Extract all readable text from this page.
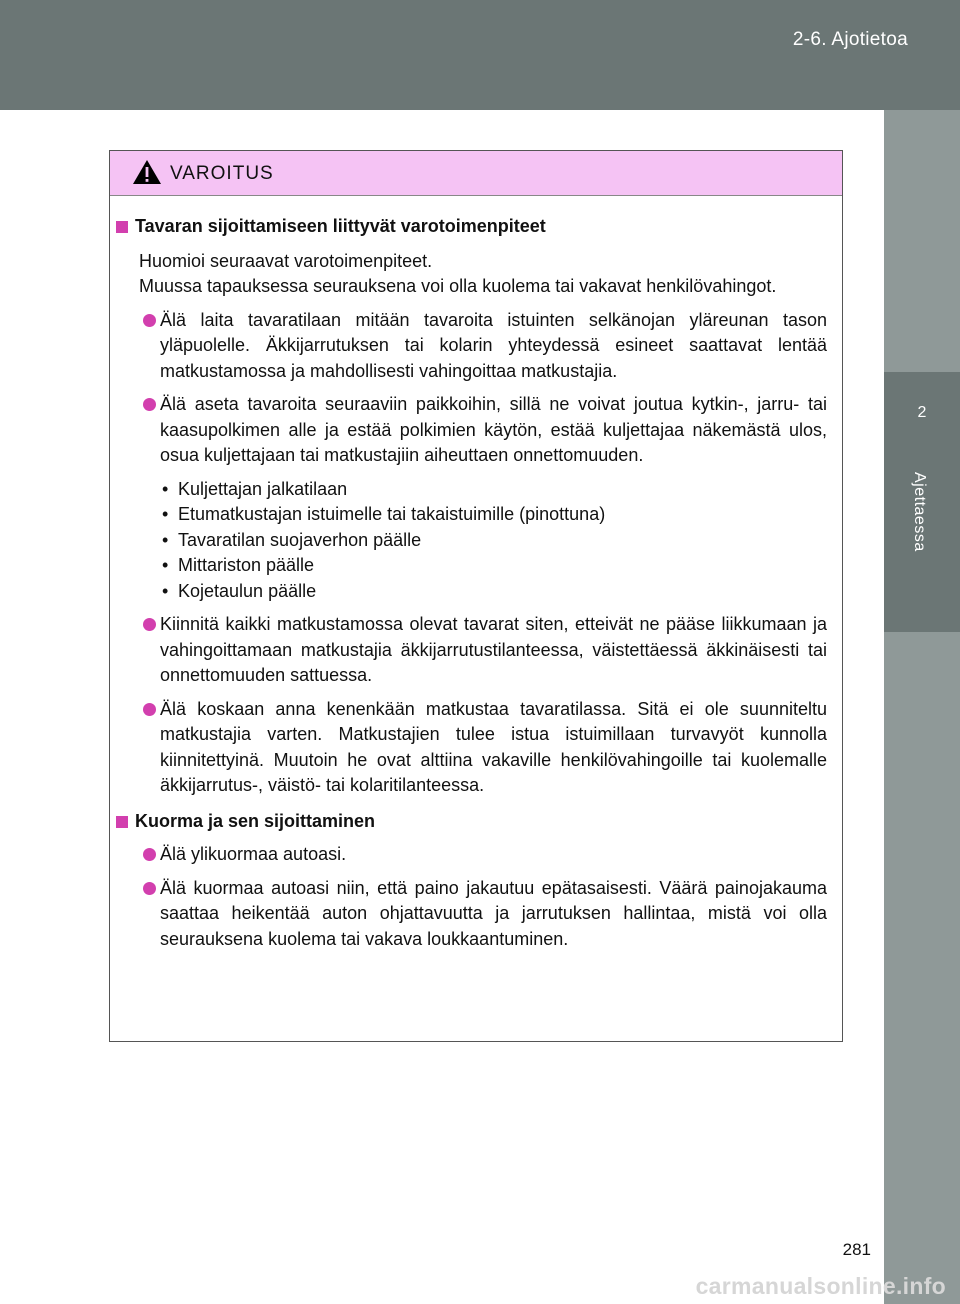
2-6. Ajotietoa
2
Ajettaessa
VAROITUS
Tavaran sijoittamiseen liittyvät varotoimenpiteet
Huomioi seuraavat varotoimenpiteet.
Muussa tapauksessa seurauksena voi olla kuolema tai vakavat henkilövahingot.
Älä laita tavaratilaan mitään tavaroita istuinten selkänojan yläreunan tason yläpuolelle. Äkkijarrutuksen tai kolarin yhteydessä esineet saattavat lentää matkustamossa ja mahdollisesti vahingoittaa matkustajia.
Älä aseta tavaroita seuraaviin paikkoihin, sillä ne voivat joutua kytkin-, jarru- tai kaasupolkimen alle ja estää polkimien käytön, estää kuljettajaa näkemästä ulos, osua kuljettajaan tai matkustajiin aiheuttaen onnettomuuden.
• Kuljettajan jalkatilaan
• Etumatkustajan istuimelle tai takaistuimille (pinottuna)
• Tavaratilan suojaverhon päälle
• Mittariston päälle
• Kojetaulun päälle
Kiinnitä kaikki matkustamossa olevat tavarat siten, etteivät ne pääse liikkumaan ja vahingoittamaan matkustajia äkkijarrutustilanteessa, väistettäessä äkkinäisesti tai onnettomuuden sattuessa.
Älä koskaan anna kenenkään matkustaa tavaratilassa. Sitä ei ole suunniteltu matkustajia varten. Matkustajien tulee istua istuimillaan turvavyöt kunnolla kiinnitettyinä. Muutoin he ovat alttiina vakaville henkilövahingoille tai kuolemalle äkkijarrutus-, väistö- tai kolaritilanteessa.
Kuorma ja sen sijoittaminen
Älä ylikuormaa autoasi.
Älä kuormaa autoasi niin, että paino jakautuu epätasaisesti. Väärä painojakauma saattaa heikentää auton ohjattavuutta ja jarrutuksen hallintaa, mistä voi olla seurauksena kuolema tai vakava loukkaantuminen.
281
carmanualsonline.info
